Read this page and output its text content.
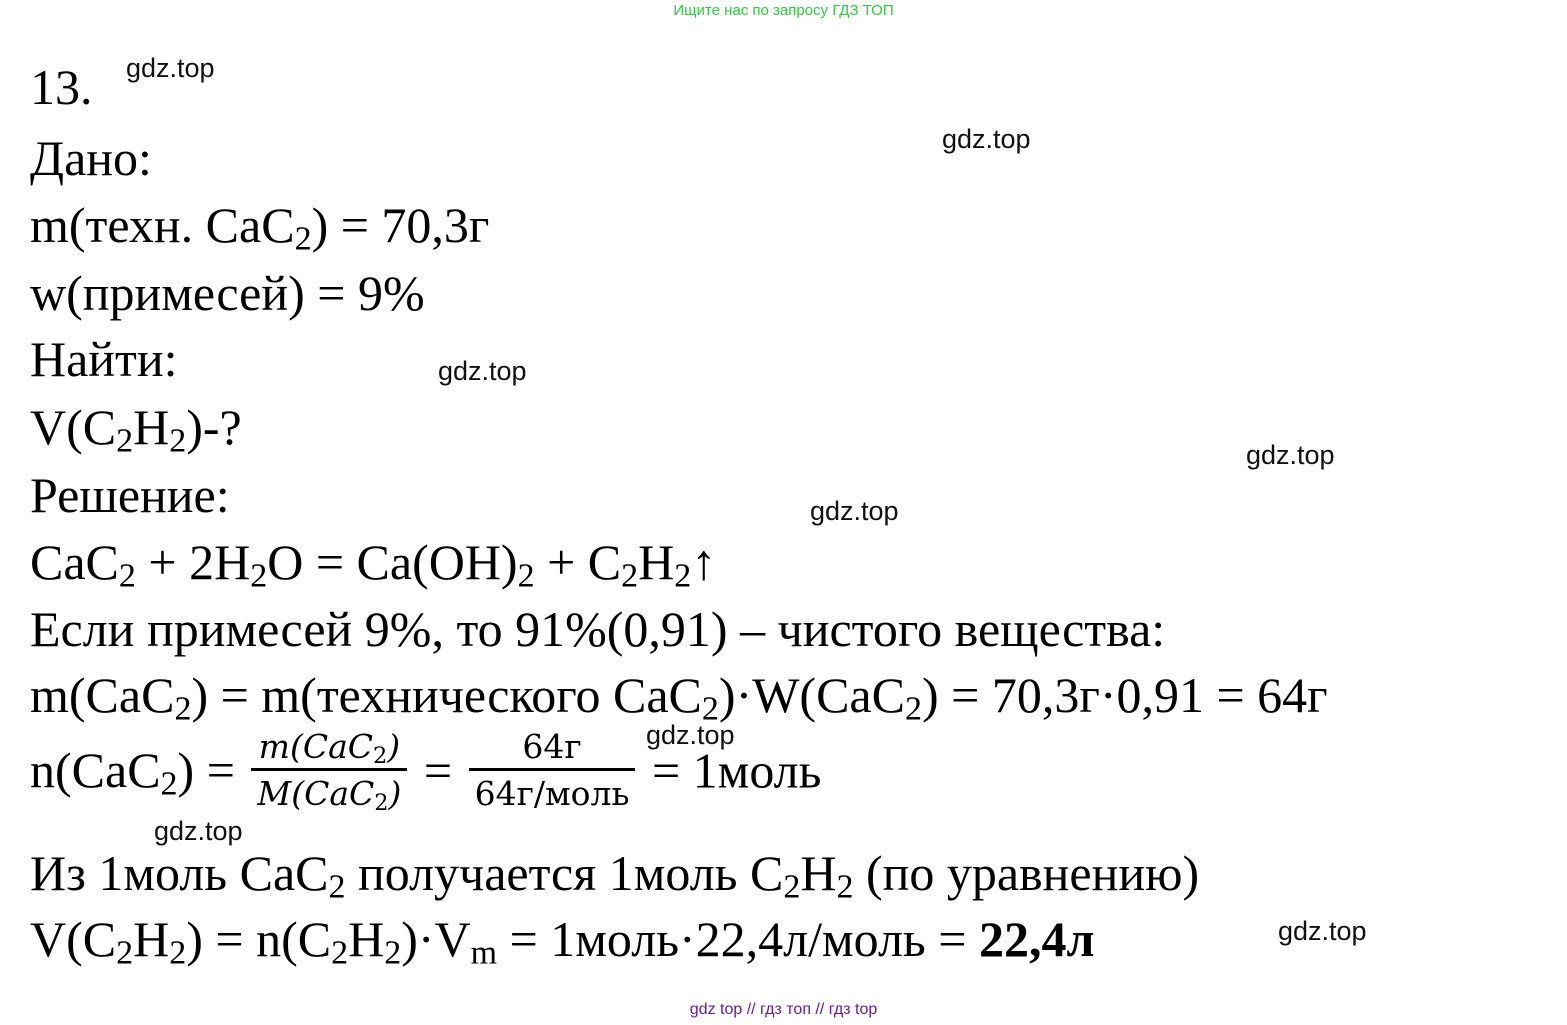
Ищите нас по запросу ГДЗ ТОП
13.
Дано:
m(техн. CaC$_2$) = 70,3г
w(примесей) = 9%
Найти:
$V(C_2H_2)-$?
Решение:
$CaC_2 + 2H_2O = Ca(OH)_2$ + $C_2H_2↑$
Если примесей 9%, то 91%(0,91) – чистого вещества:
m(CaC$_2$) = m(технического CaC$_2$)·W(CaC$_2$) = 70,3г·0,91 = 64г
$n(CaC_2) = \frac{m(CaC_2)}{M(CaC_2)} = \frac{64г}{\text{64г/моль}}$ = 1моль
Из 1моль CaC$_2$ получается 1моль $C_2H_2$ (по уравнению)
$V(C_2H_2) = n(C_2H_2)\cdot V_m$ = 1моль·22,4л/моль = 22,4л
gdz.top
gdz.top
gdz.top
gdz.top
gdz.top
gdz.top
gdz.top
gdz.top
gdz top // гдз топ // гдз top
